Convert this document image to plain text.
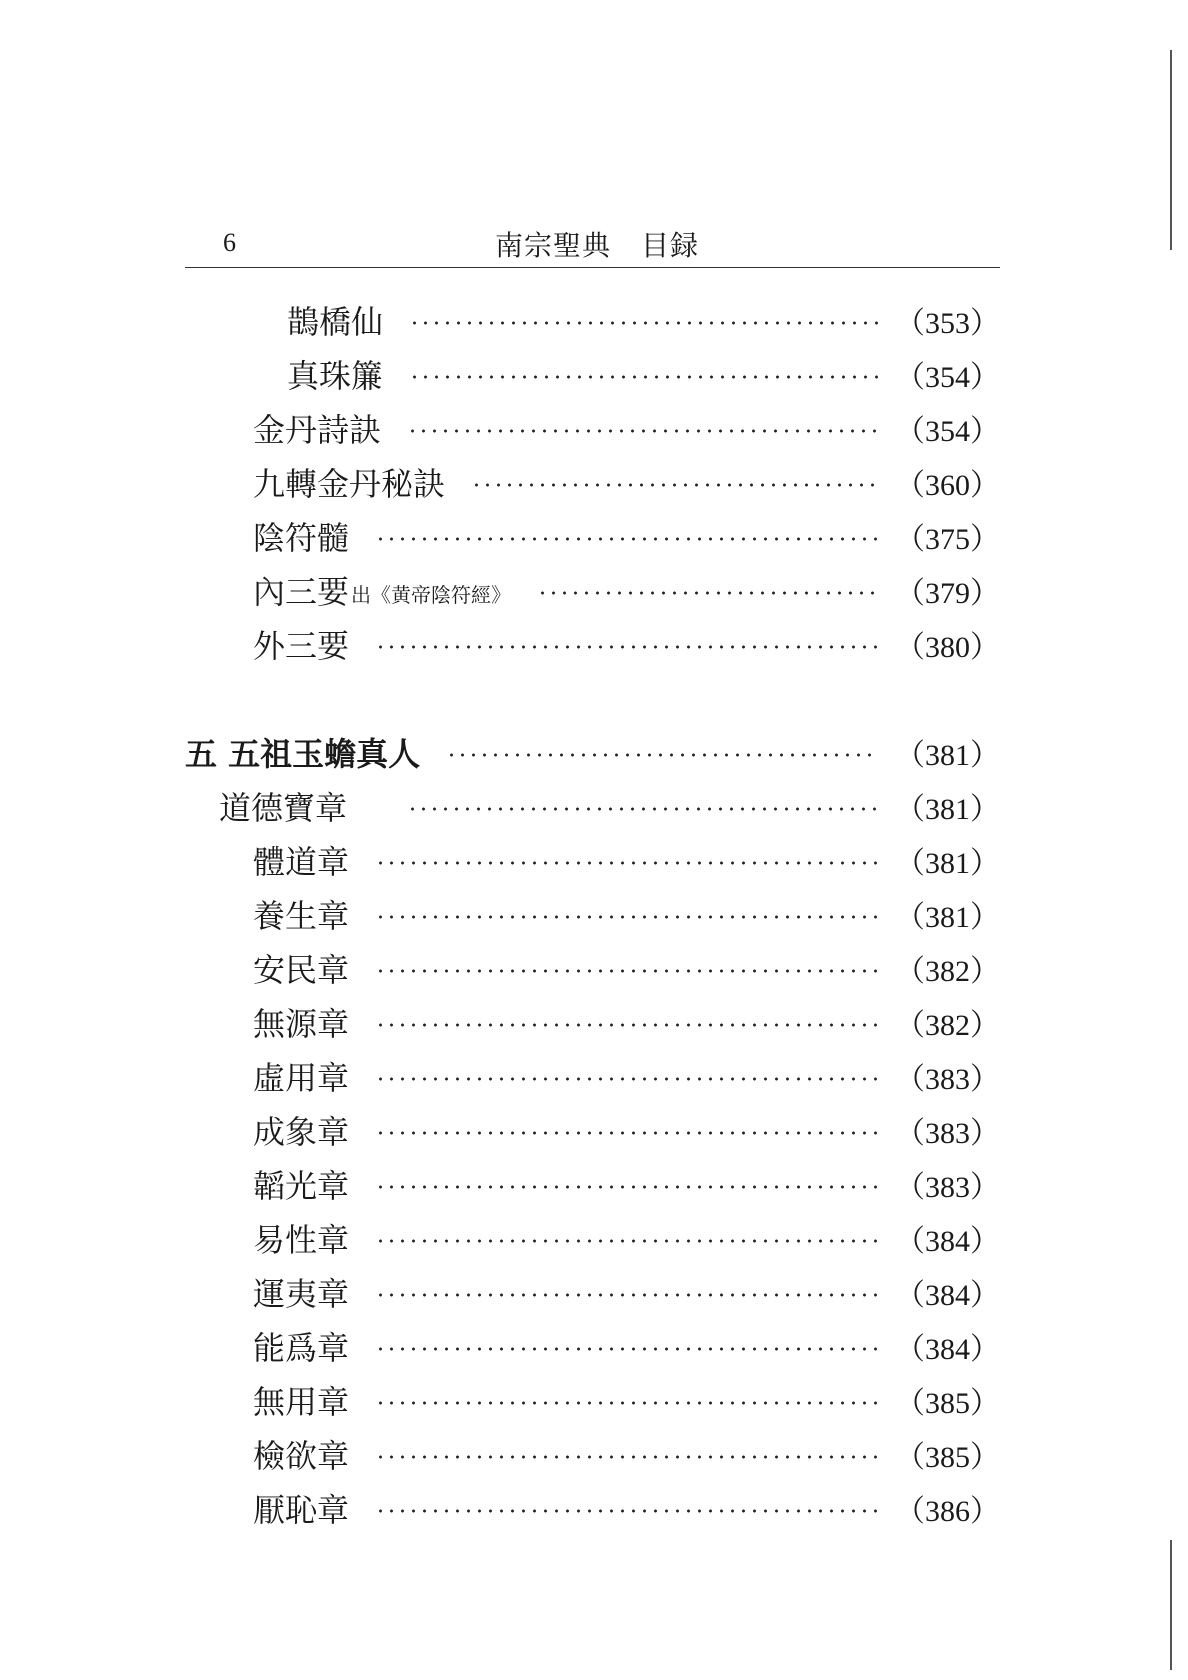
6	南宗聖典 目録
鵲橋仙	（353）
真珠簾	（354）
金丹詩訣	（354）
九轉金丹秘訣	（360）
陰符髓	（375）
內三要 出《黄帝陰符經》	（379）
外三要	（380）
五 五祖玉蟾真人	（381）
道德寶章	（381）
體道章	（381）
養生章	（381）
安民章	（382）
無源章	（382）
虛用章	（383）
成象章	（383）
韜光章	（383）
易性章	（384）
運夷章	（384）
能爲章	（384）
無用章	（385）
檢欲章	（385）
厭恥章	（386）
